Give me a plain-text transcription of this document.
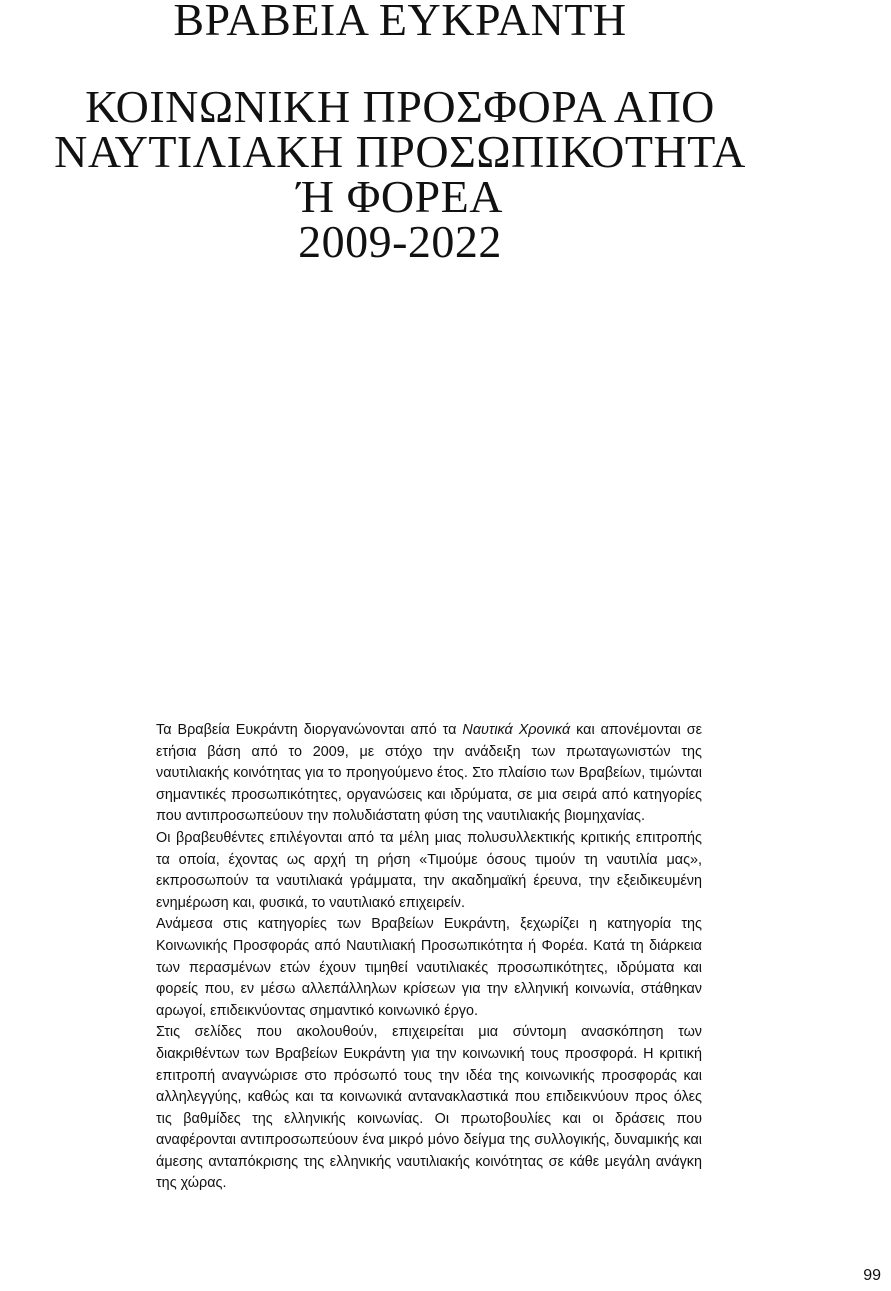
ΒΡΑΒΕΙΑ ΕΥΚΡΑΝΤΗ
ΚΟΙΝΩΝΙΚΗ ΠΡΟΣΦΟΡΑ ΑΠΟ
ΝΑΥΤΙΛΙΑΚΗ ΠΡΟΣΩΠΙΚΟΤΗΤΑ
Ή ΦΟΡΕΑ
2009-2022

Τα Βραβεία Ευκράντη διοργανώνονται από τα Ναυτικά Χρονικά και απονέμονται σε ετήσια βάση από το 2009, με στόχο την ανάδειξη των πρωταγωνιστών της ναυτιλιακής κοινότητας για το προηγούμενο έτος. Στο πλαίσιο των Βραβείων, τιμώνται σημαντικές προσωπικότητες, οργανώσεις και ιδρύματα, σε μια σειρά από κατηγορίες που αντιπροσωπεύουν την πολυδιάστατη φύση της ναυτιλιακής βιομηχανίας.

Οι βραβευθέντες επιλέγονται από τα μέλη μιας πολυσυλλεκτικής κριτικής επιτροπής τα οποία, έχοντας ως αρχή τη ρήση «Τιμούμε όσους τιμούν τη ναυτιλία μας», εκπροσωπούν τα ναυτιλιακά γράμματα, την ακαδημαϊκή έρευνα, την εξειδικευμένη ενημέρωση και, φυσικά, το ναυτιλιακό επιχειρείν.

Ανάμεσα στις κατηγορίες των Βραβείων Ευκράντη, ξεχωρίζει η κατηγορία της Κοινωνικής Προσφοράς από Ναυτιλιακή Προσωπικότητα ή Φορέα. Κατά τη διάρκεια των περασμένων ετών έχουν τιμηθεί ναυτιλιακές προσωπικότητες, ιδρύματα και φορείς που, εν μέσω αλλεπάλληλων κρίσεων για την ελληνική κοινωνία, στάθηκαν αρωγοί, επιδεικνύοντας σημαντικό κοινωνικό έργο.

Στις σελίδες που ακολουθούν, επιχειρείται μια σύντομη ανασκόπηση των διακριθέντων των Βραβείων Ευκράντη για την κοινωνική τους προσφορά. Η κριτική επιτροπή αναγνώρισε στο πρόσωπό τους την ιδέα της κοινωνικής προσφοράς και αλληλεγγύης, καθώς και τα κοινωνικά αντανακλαστικά που επιδεικνύουν προς όλες τις βαθμίδες της ελληνικής κοινωνίας. Οι πρωτοβουλίες και οι δράσεις που αναφέρονται αντιπροσωπεύουν ένα μικρό μόνο δείγμα της συλλογικής, δυναμικής και άμεσης ανταπόκρισης της ελληνικής ναυτιλιακής κοινότητας σε κάθε μεγάλη ανάγκη της χώρας.

99
